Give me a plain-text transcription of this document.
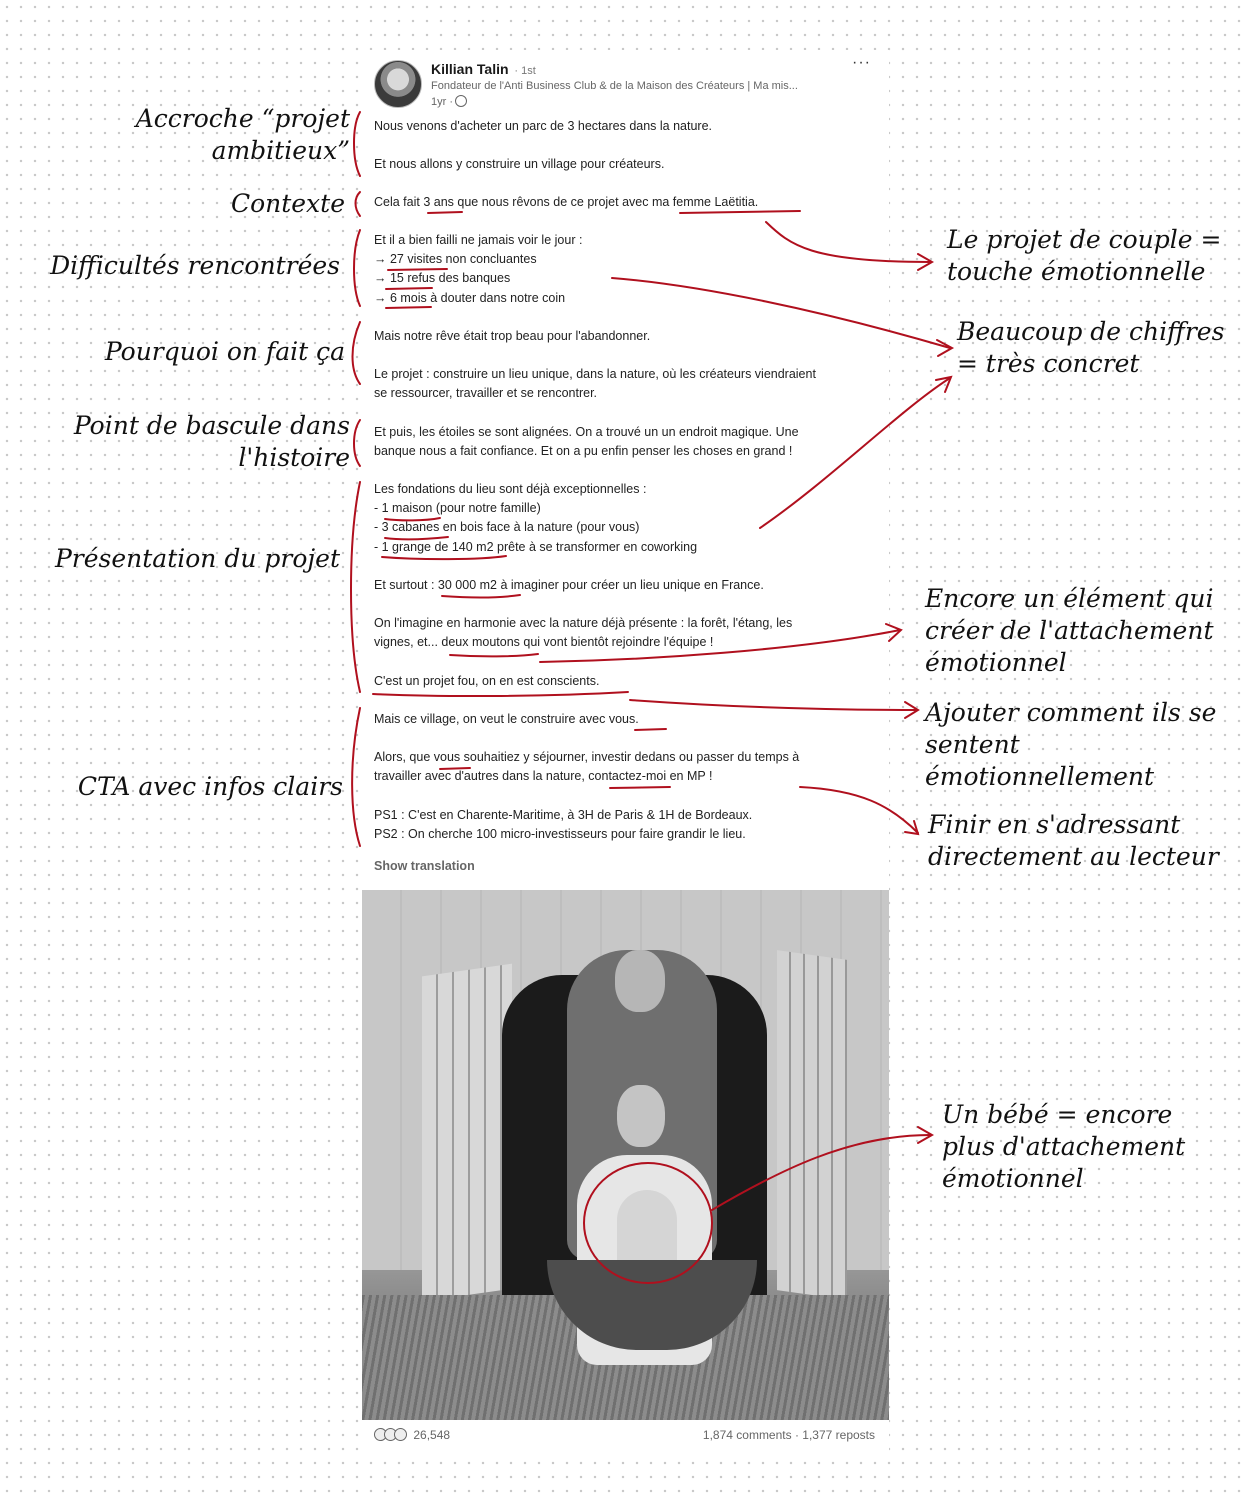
Killian Talin · 1st
Fondateur de l'Anti Business Club & de la Maison des Créateurs | Ma mis...
1yr ·
···
Nous venons d'acheter un parc de 3 hectares dans la nature.
Et nous allons y construire un village pour créateurs.
Cela fait 3 ans que nous rêvons de ce projet avec ma femme Laëtitia.
Et il a bien failli ne jamais voir le jour :
→ 27 visites non concluantes
→ 15 refus des banques
→ 6 mois à douter dans notre coin
Mais notre rêve était trop beau pour l'abandonner.
Le projet : construire un lieu unique, dans la nature, où les créateurs viendraient
se ressourcer, travailler et se rencontrer.
Et puis, les étoiles se sont alignées. On a trouvé un un endroit magique. Une
banque nous a fait confiance. Et on a pu enfin penser les choses en grand !
Les fondations du lieu sont déjà exceptionnelles :
- 1 maison (pour notre famille)
- 3 cabanes en bois face à la nature (pour vous)
- 1 grange de 140 m2 prête à se transformer en coworking
Et surtout : 30 000 m2 à imaginer pour créer un lieu unique en France.
On l'imagine en harmonie avec la nature déjà présente : la forêt, l'étang, les
vignes, et... deux moutons qui vont bientôt rejoindre l'équipe !
C'est un projet fou, on en est conscients.
Mais ce village, on veut le construire avec vous.
Alors, que vous souhaitiez y séjourner, investir dedans ou passer du temps à
travailler avec d'autres dans la nature, contactez-moi en MP !
PS1 : C'est en Charente-Maritime, à 3H de Paris & 1H de Bordeaux.
PS2 : On cherche 100 micro-investisseurs pour faire grandir le lieu.
Show translation
26,548	1,874 comments · 1,377 reposts
Accroche “projet ambitieux”
Contexte
Difficultés rencontrées
Pourquoi on fait ça
Point de bascule dans l'histoire
Présentation du projet
CTA avec infos clairs
Le projet de couple = touche émotionnelle
Beaucoup de chiffres = très concret
Encore un élément qui créer de l'attachement émotionnel
Ajouter comment ils se sentent émotionnellement
Finir en s'adressant directement au lecteur
Un bébé = encore plus d'attachement émotionnel
